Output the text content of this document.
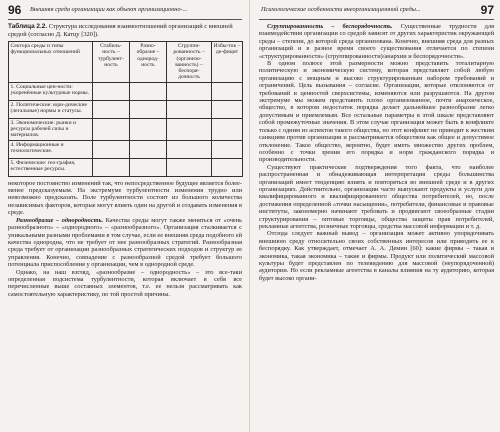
96 Внешняя среда организации как объект организационно-...

Таблица 2.2. Структура исследования взаимоотношений организаций с внешней средой (согласно Д. Катцу [320]).

Сектора среды и типы функциональных отношений	Стабиль-ность – турбулент-ность	Разно-образие – однород-ность	Сгруппи-рованность – (организо-ванность) – беспоря-дочность	Избы-ток – де-фицит
1. Социальные цен-ности: укоренённые культурные нормы.				
2. Политические: юри-дические (легальные) нормы и статусы.				
3. Экономические: рынки и ресурсы рабочей силы и материалов.				
4. Информационные и технологические.				
5. Физические: гео-графия, естественные ресурсы.				

некоторое постоянство изменений так, что непосредственное будущее является более-менее предсказуемым. На экстремуме турбулентности изменения трудно или невозможно предсказать. Поле турбулентности состоит из большого количества независимых факторов, которые могут влиять один на другой и создавать изменения в среде.

Разнообразие – однородность. Качества среды могут также меняться от «очень разнообразного» – «однородного» – «разнообразного». Организация сталкивается с уникальными разными проблемами в том случае, если ее внешняя среда подобного ей качества однородна, что не требует от нее разнообразных стратегий. Разнообразная среда требует от организации разнообразных стратегических подходов и структур ее управления. Конечно, совпадение с разнообразной средой требует большого потенциала приспособления у организации, чем в однородной среде.

Однако, на наш взгляд, «разнообразие – однородность» – это все-таки определенная подсистема турбулентности, которая включает в себя все перечисленные выше составных элементов, т.е. ее нельзя рассматривать как самостоятельную характеристику, по той простой причины.

Психологические особенности внеорганизационной среды...	97

Сгруппированность – беспорядочность. Существенные трудности для взаимодействия организации со средой зависят от других характеристик окружающей среды – степени, до которой среда организована. Конечно, внешняя среда для разных организаций и в разное время своего существования отличается по степени «структурированности» (сгруппированности)/анархии и беспорядочности».

В одном полюсе этой размерности можно представить тоталитарную политическую и экономическую систему, которая представляет собой любую организацию с мощным и высоко структурированным набором требований и ограничений. Цель вызывания – согласие. Организации, которые отклоняются от требований и ценностей сверхсистемы, изменяются или разрушаются. На другом экстремуме мы можем представить плохо организованное, почти анархическое, общество, в котором недостаток порядка делает дальнейшее разнообразие легко допустимым и приемлемым. Все остальные параметры в этой шкале представляют собой промежуточные значения. В этом случае организация может быть в конфликте только с одним из аспектов такого общества, но этот конфликт не приводит к жестким санкциям против организации и рассматривается обществом как общее и допустимое отклонение. Такое общество, вероятно, будет иметь множество других проблем, особенно с точки зрения его порядка и норм гражданского порядка и производительности.

Существуют практические подтверждения того факта, что наиболее распространенная и обнадеживающая интерпретация среды большинства организаций имеет тенденцию влиять и повторяться во внешней среде и в других организациях. Действительно, организации часто выпускают продукты и услуги для квалифицированного и квалифицированного общества потребителей, но, после достижения определенной «точки насыщения», потребители, финансовые и правовые институты, закономерно начинают требовать и продвигают своеобразные стадии структурирования – оптовые торговцы, общества защиты прав потребителей, рекламные агентства, розничные торговцы, средства массовой информации и т. д.

Отсюда следует важный вывод – организация может активно упорядочивать внешнюю среду относительно своих собственных интересов или приводить ее к беспорядку. Как утверждает, отмечает А. А. Демин [60]: какие фирмы – такая и экономика, такая экономика – такие и фирмы. Продукт или политический массовой культуры будет представлен по телевидению для массовой (неупорядоченной) аудитории. Но если рекламные агентства в каналы влияния на ту аудиторию, которая будет высоко органи-
